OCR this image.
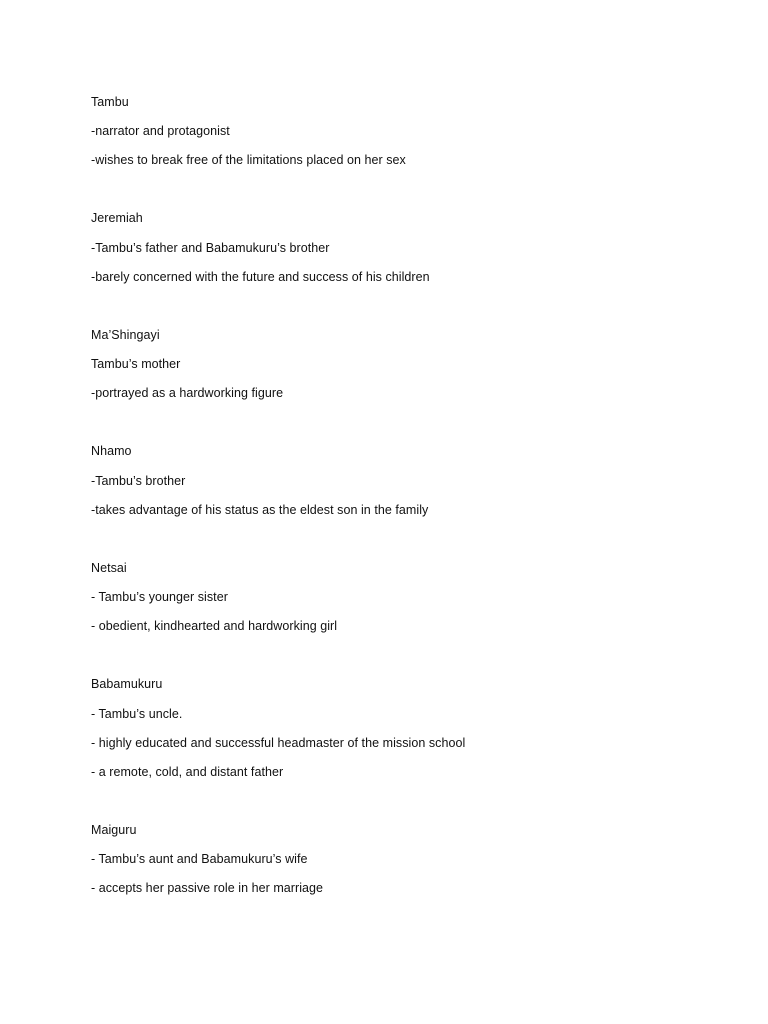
Tambu
-narrator and protagonist
-wishes to break free of the limitations placed on her sex
Jeremiah
-Tambu’s father and Babamukuru’s brother
-barely concerned with the future and success of his children
Ma’Shingayi
Tambu’s mother
-portrayed as a hardworking figure
Nhamo
-Tambu’s brother
-takes advantage of his status as the eldest son in the family
Netsai
- Tambu’s younger sister
- obedient, kindhearted and hardworking girl
Babamukuru
- Tambu’s uncle.
- highly educated and successful headmaster of the mission school
- a remote, cold, and distant father
Maiguru
- Tambu’s aunt and Babamukuru’s wife
- accepts her passive role in her marriage
